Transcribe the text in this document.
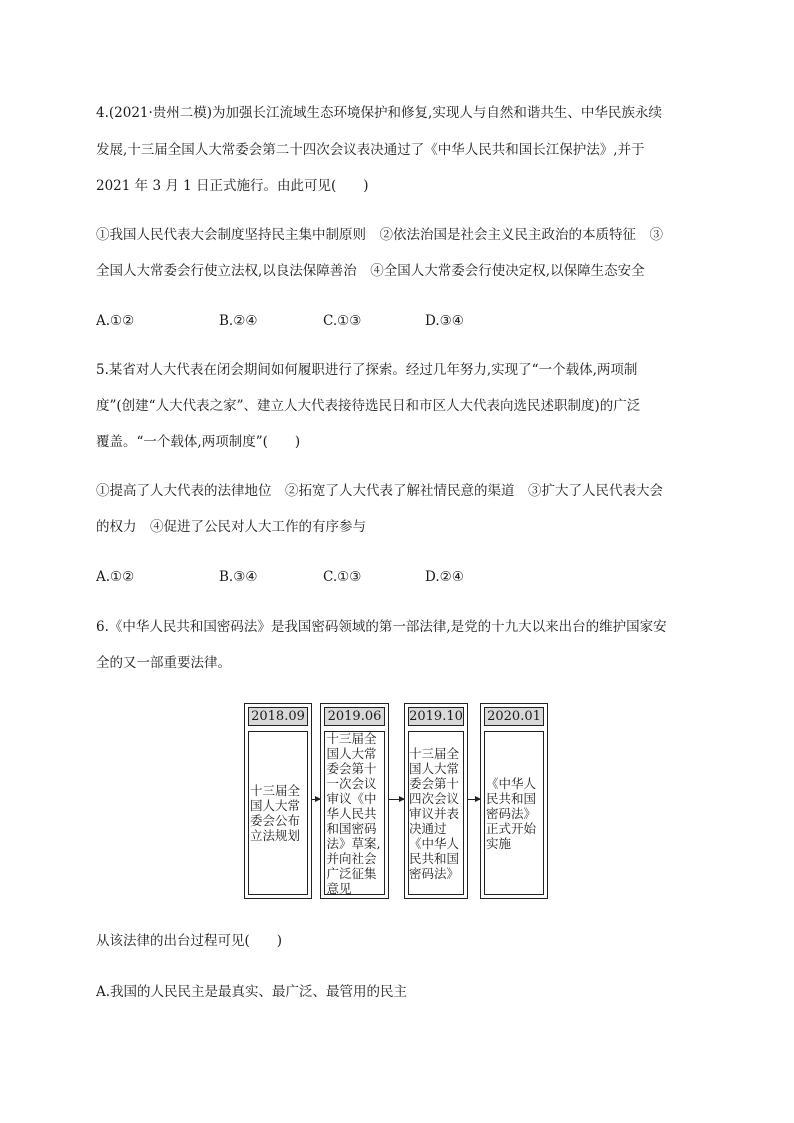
4.(2021·贵州二模)为加强长江流域生态环境保护和修复,实现人与自然和谐共生、中华民族永续
发展,十三届全国人大常委会第二十四次会议表决通过了《中华人民共和国长江保护法》,并于
2021 年 3 月 1 日正式施行。由此可见(　　)
①我国人民代表大会制度坚持民主集中制原则　②依法治国是社会主义民主政治的本质特征　③
全国人大常委会行使立法权,以良法保障善治　④全国人大常委会行使决定权,以保障生态安全
A.①②	B.②④	C.①③	D.③④
5.某省对人大代表在闭会期间如何履职进行了探索。经过几年努力,实现了“一个载体,两项制
度”(创建“人大代表之家”、建立人大代表接待选民日和市区人大代表向选民述职制度)的广泛
覆盖。“一个载体,两项制度”(　　)
①提高了人大代表的法律地位　②拓宽了人大代表了解社情民意的渠道　③扩大了人民代表大会
的权力　④促进了公民对人大工作的有序参与
A.①②	B.③④	C.①③	D.②④
6.《中华人民共和国密码法》是我国密码领域的第一部法律,是党的十九大以来出台的维护国家安
全的又一部重要法律。
2018.09
十三届全国人大常委会公布立法规划
2019.06
十三届全国人大常委会第十一次会议审议《中华人民共和国密码法》草案,并向社会广泛征集意见
2019.10
十三届全国人大常委会第十四次会议审议并表决通过《中华人民共和国密码法》
2020.01
《中华人民共和国密码法》正式开始实施
从该法律的出台过程可见(　　)
A.我国的人民民主是最真实、最广泛、最管用的民主
